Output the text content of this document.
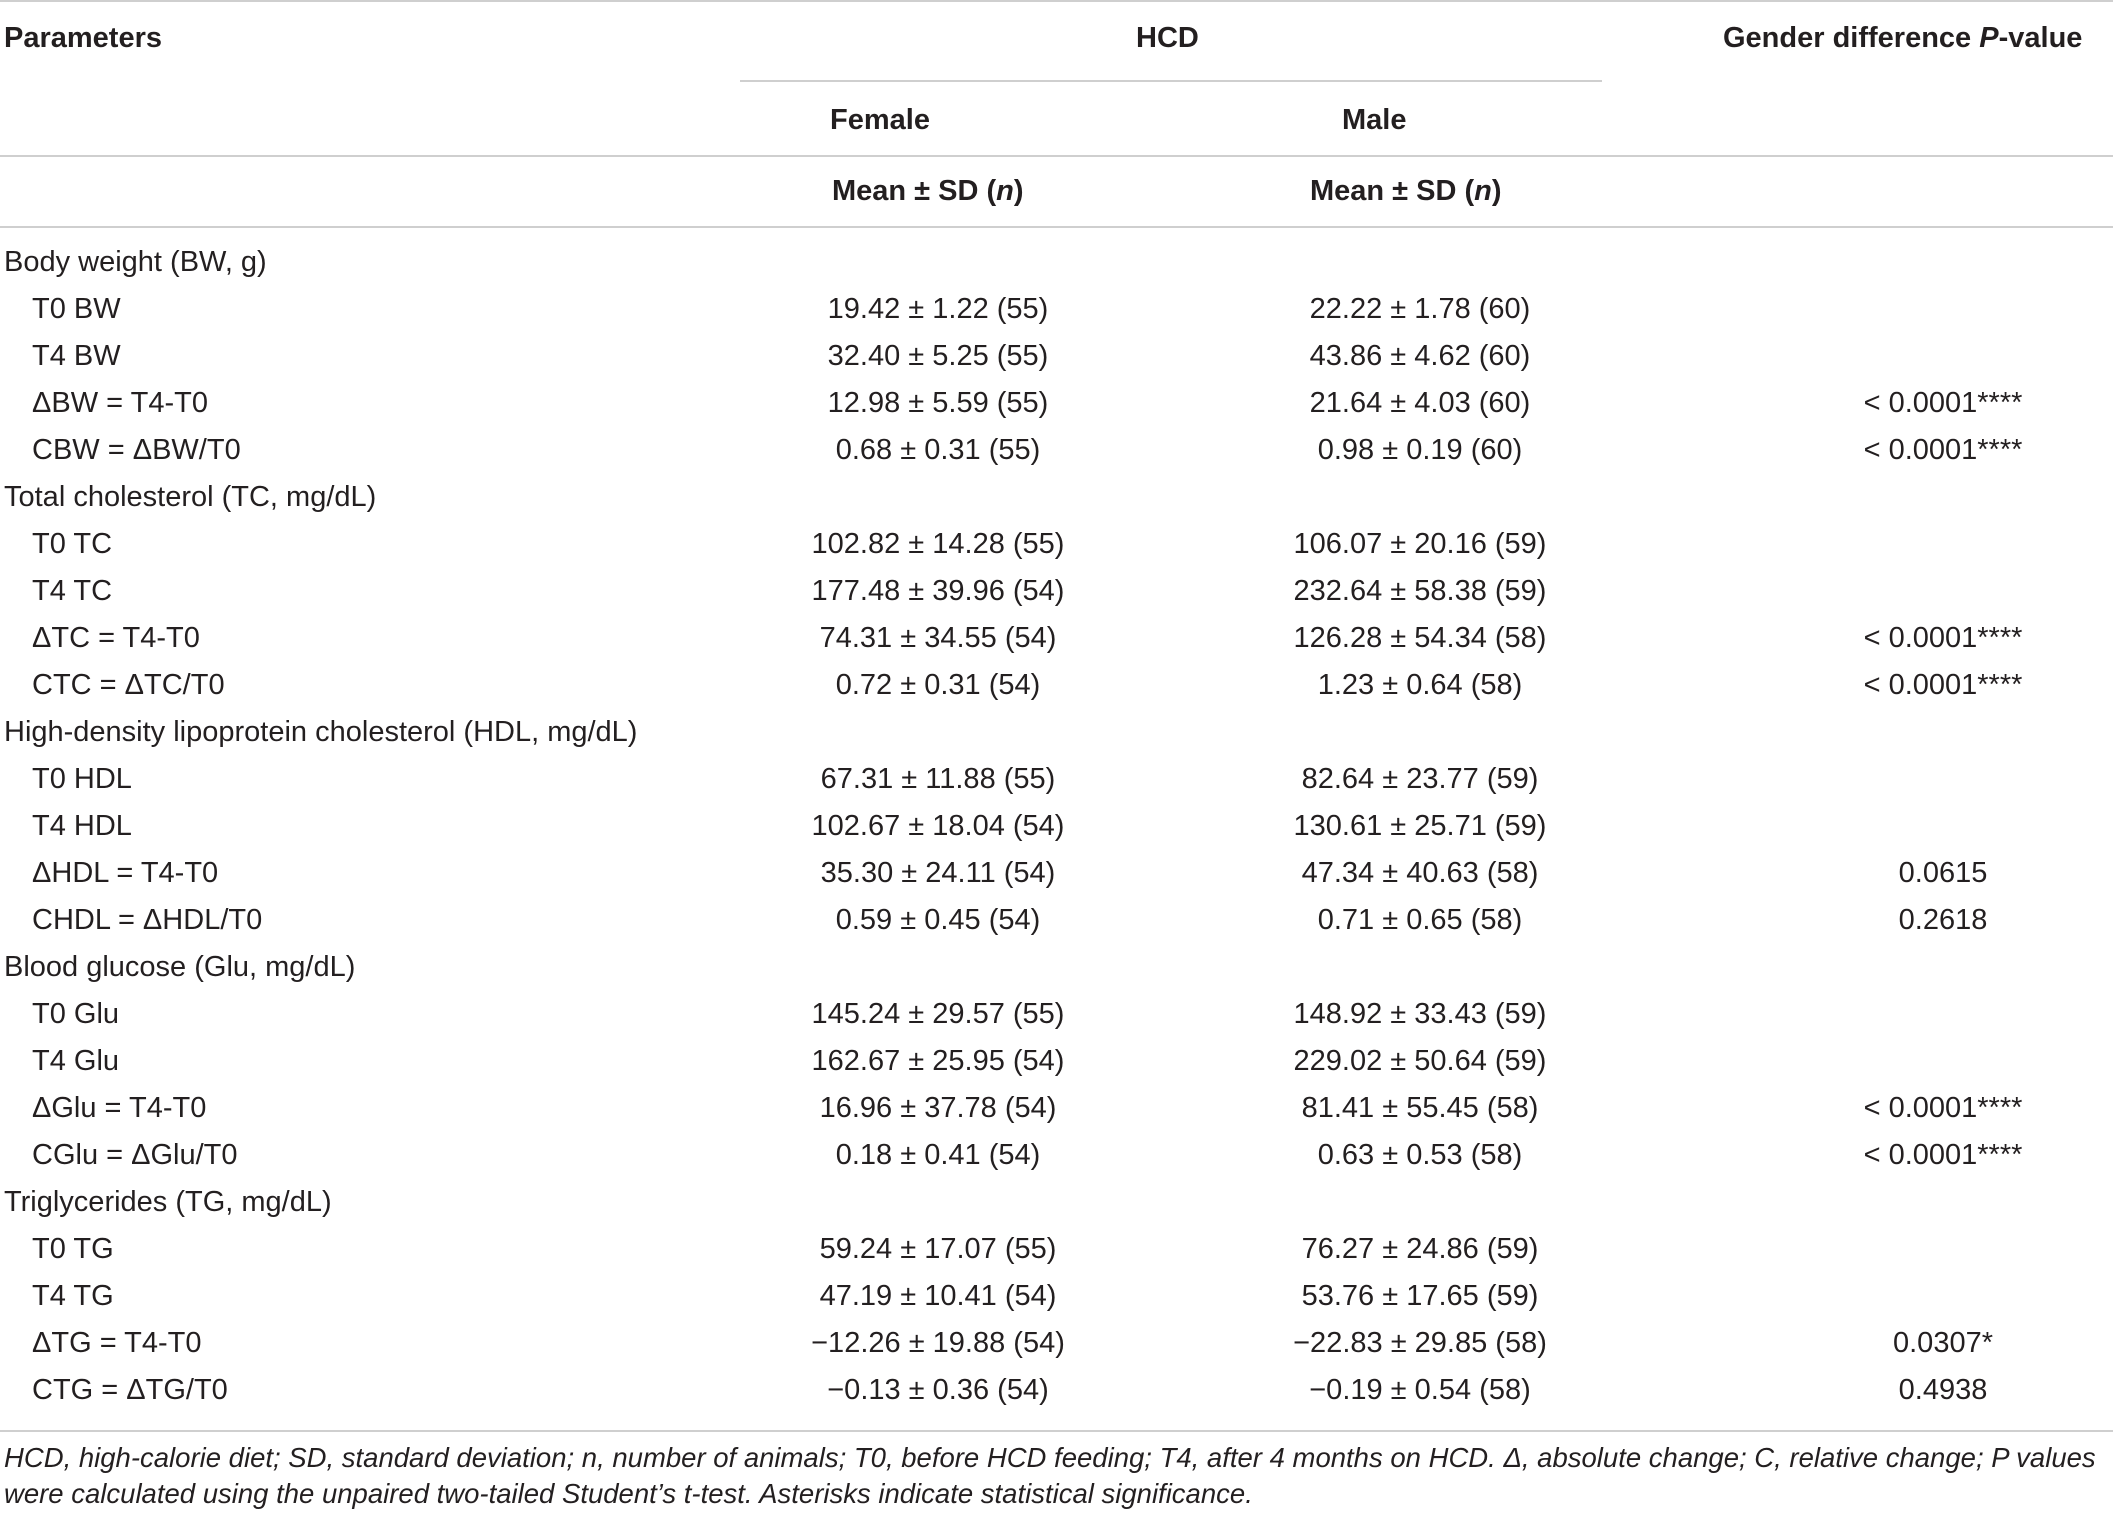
Parameters	HCD	Gender difference P-value
Female	Male
Mean ± SD (n)	Mean ± SD (n)
Body weight (BW, g)
T0 BW	19.42 ± 1.22 (55)	22.22 ± 1.78 (60)
T4 BW	32.40 ± 5.25 (55)	43.86 ± 4.62 (60)
ΔBW = T4-T0	12.98 ± 5.59 (55)	21.64 ± 4.03 (60)	< 0.0001****
CBW = ΔBW/T0	0.68 ± 0.31 (55)	0.98 ± 0.19 (60)	< 0.0001****
Total cholesterol (TC, mg/dL)
T0 TC	102.82 ± 14.28 (55)	106.07 ± 20.16 (59)
T4 TC	177.48 ± 39.96 (54)	232.64 ± 58.38 (59)
ΔTC = T4-T0	74.31 ± 34.55 (54)	126.28 ± 54.34 (58)	< 0.0001****
CTC = ΔTC/T0	0.72 ± 0.31 (54)	1.23 ± 0.64 (58)	< 0.0001****
High-density lipoprotein cholesterol (HDL, mg/dL)
T0 HDL	67.31 ± 11.88 (55)	82.64 ± 23.77 (59)
T4 HDL	102.67 ± 18.04 (54)	130.61 ± 25.71 (59)
ΔHDL = T4-T0	35.30 ± 24.11 (54)	47.34 ± 40.63 (58)	0.0615
CHDL = ΔHDL/T0	0.59 ± 0.45 (54)	0.71 ± 0.65 (58)	0.2618
Blood glucose (Glu, mg/dL)
T0 Glu	145.24 ± 29.57 (55)	148.92 ± 33.43 (59)
T4 Glu	162.67 ± 25.95 (54)	229.02 ± 50.64 (59)
ΔGlu = T4-T0	16.96 ± 37.78 (54)	81.41 ± 55.45 (58)	< 0.0001****
CGlu = ΔGlu/T0	0.18 ± 0.41 (54)	0.63 ± 0.53 (58)	< 0.0001****
Triglycerides (TG, mg/dL)
T0 TG	59.24 ± 17.07 (55)	76.27 ± 24.86 (59)
T4 TG	47.19 ± 10.41 (54)	53.76 ± 17.65 (59)
ΔTG = T4-T0	−12.26 ± 19.88 (54)	−22.83 ± 29.85 (58)	0.0307*
CTG = ΔTG/T0	−0.13 ± 0.36 (54)	−0.19 ± 0.54 (58)	0.4938
HCD, high-calorie diet; SD, standard deviation; n, number of animals; T0, before HCD feeding; T4, after 4 months on HCD. Δ, absolute change; C, relative change; P values were calculated using the unpaired two-tailed Student’s t-test. Asterisks indicate statistical significance.
